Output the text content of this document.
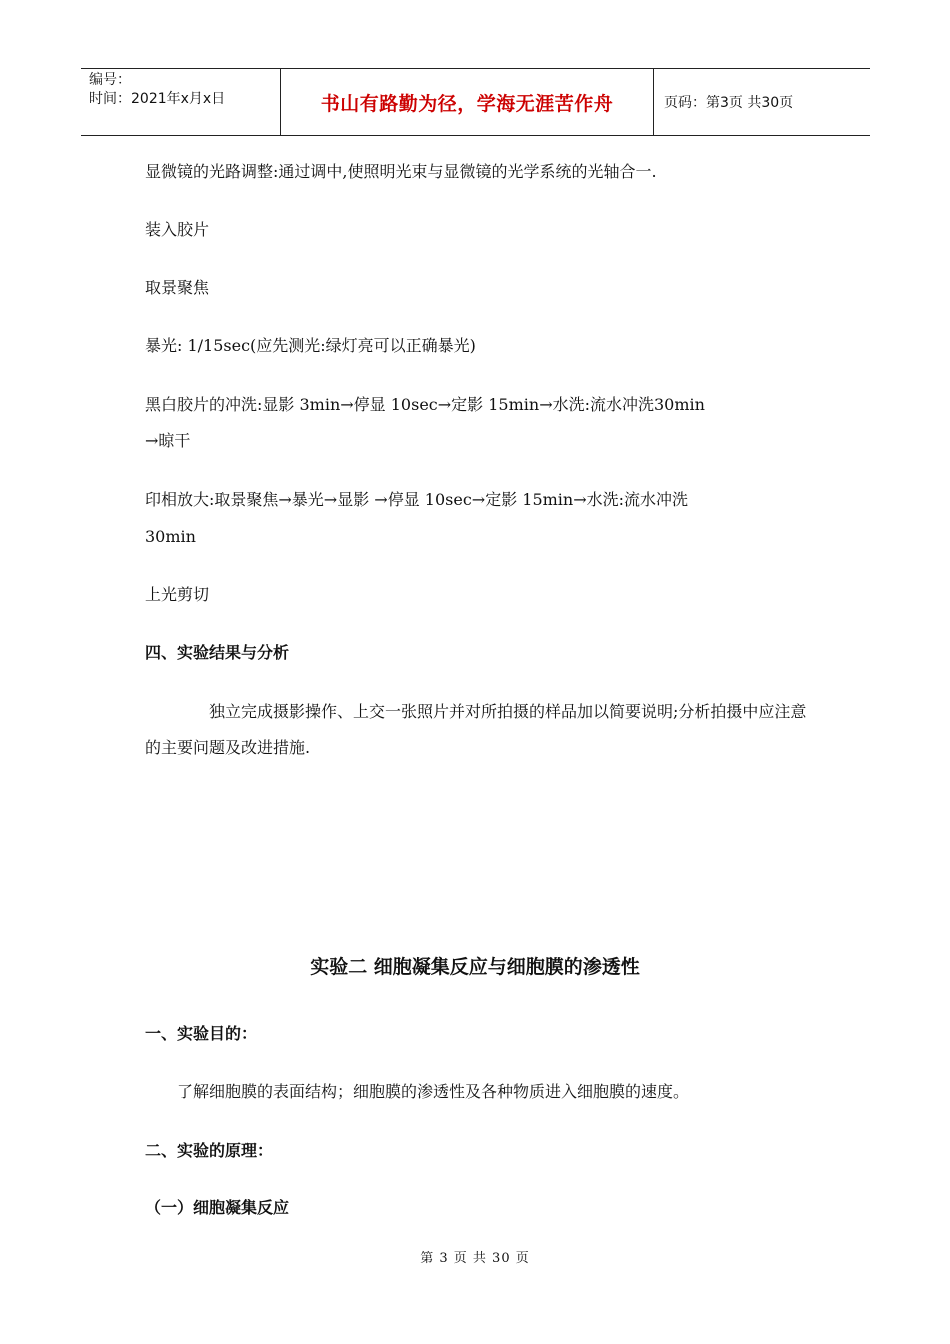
编号：
时间：2021年x月x日	书山有路勤为径，学海无涯苦作舟	页码：第3页 共30页
显微镜的光路调整:通过调中,使照明光束与显微镜的光学系统的光轴合一.
装入胶片
取景聚焦
暴光: 1/15sec(应先测光:绿灯亮可以正确暴光)
黑白胶片的冲洗:显影 3min→停显 10sec→定影 15min→水洗:流水冲洗30min
→晾干
印相放大:取景聚焦→暴光→显影 →停显 10sec→定影 15min→水洗:流水冲洗
30min
上光剪切
四、实验结果与分析
独立完成摄影操作、上交一张照片并对所拍摄的样品加以简要说明;分析拍摄中应注意的主要问题及改进措施.
实验二 细胞凝集反应与细胞膜的渗透性
一、实验目的：
了解细胞膜的表面结构；细胞膜的渗透性及各种物质进入细胞膜的速度。
二、实验的原理：
（一）细胞凝集反应
第 3 页 共 30 页
